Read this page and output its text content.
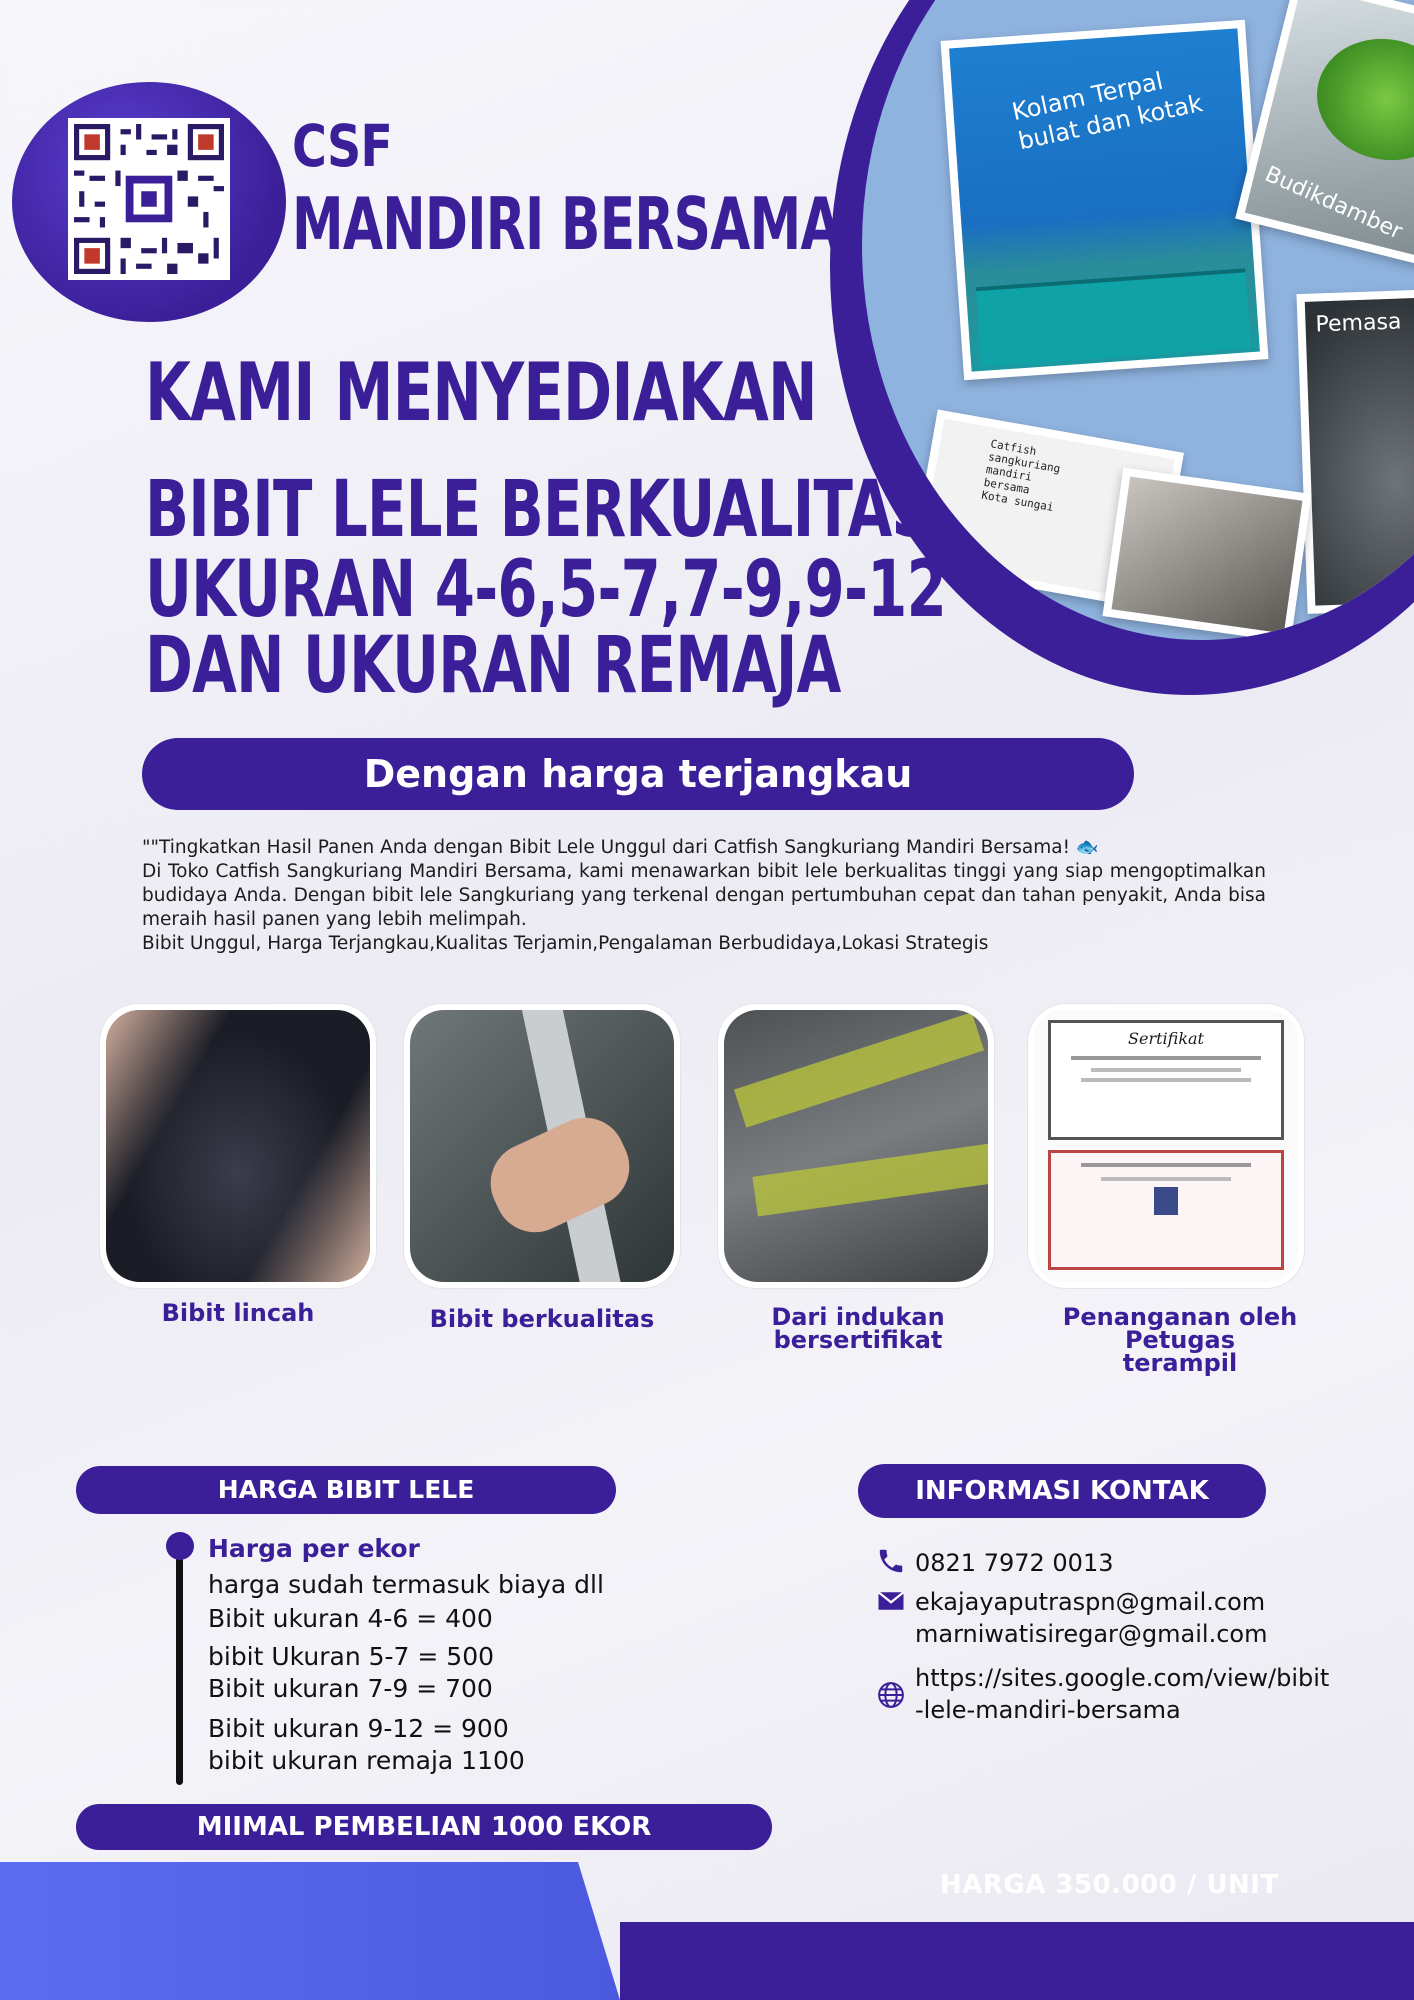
Kolam Terpal
bulat dan kotak
Budikdamber
Pemasa
Catfish
sangkuriang
mandiri
bersama
Kota sungai
CSF
MANDIRI BERSAMA
KAMI MENYEDIAKAN
BIBIT LELE BERKUALITAS
UKURAN 4-6,5-7,7-9,9-12
DAN UKURAN REMAJA
Dengan harga terjangkau

""Tingkatkan Hasil Panen Anda dengan Bibit Lele Unggul dari Catfish Sangkuriang Mandiri Bersama! 🐟

Di Toko Catfish Sangkuriang Mandiri Bersama, kami menawarkan bibit lele berkualitas tinggi yang siap mengoptimalkan budidaya Anda. Dengan bibit lele Sangkuriang yang terkenal dengan pertumbuhan cepat dan tahan penyakit, Anda bisa meraih hasil panen yang lebih melimpah.

Bibit Unggul, Harga Terjangkau,Kualitas Terjamin,Pengalaman Berbudidaya,Lokasi Strategis

Sertifikat
Bibit lincah	Bibit berkualitas	Dari indukan bersertifikat
Penanganan oleh
Petugas
terampil
HARGA BIBIT LELE
Harga per ekor
harga sudah termasuk biaya dll
Bibit ukuran 4-6 = 400
bibit Ukuran 5-7 = 500
Bibit ukuran 7-9 = 700
Bibit ukuran 9-12 = 900
bibit ukuran remaja 1100
MIIMAL PEMBELIAN 1000 EKOR
INFORMASI KONTAK
0821 7972 0013
ekajayaputraspn@gmail.com
marniwatisiregar@gmail.com
https://sites.google.com/view/bibit
-lele-mandiri-bersama
HARGA 350.000 / UNIT
